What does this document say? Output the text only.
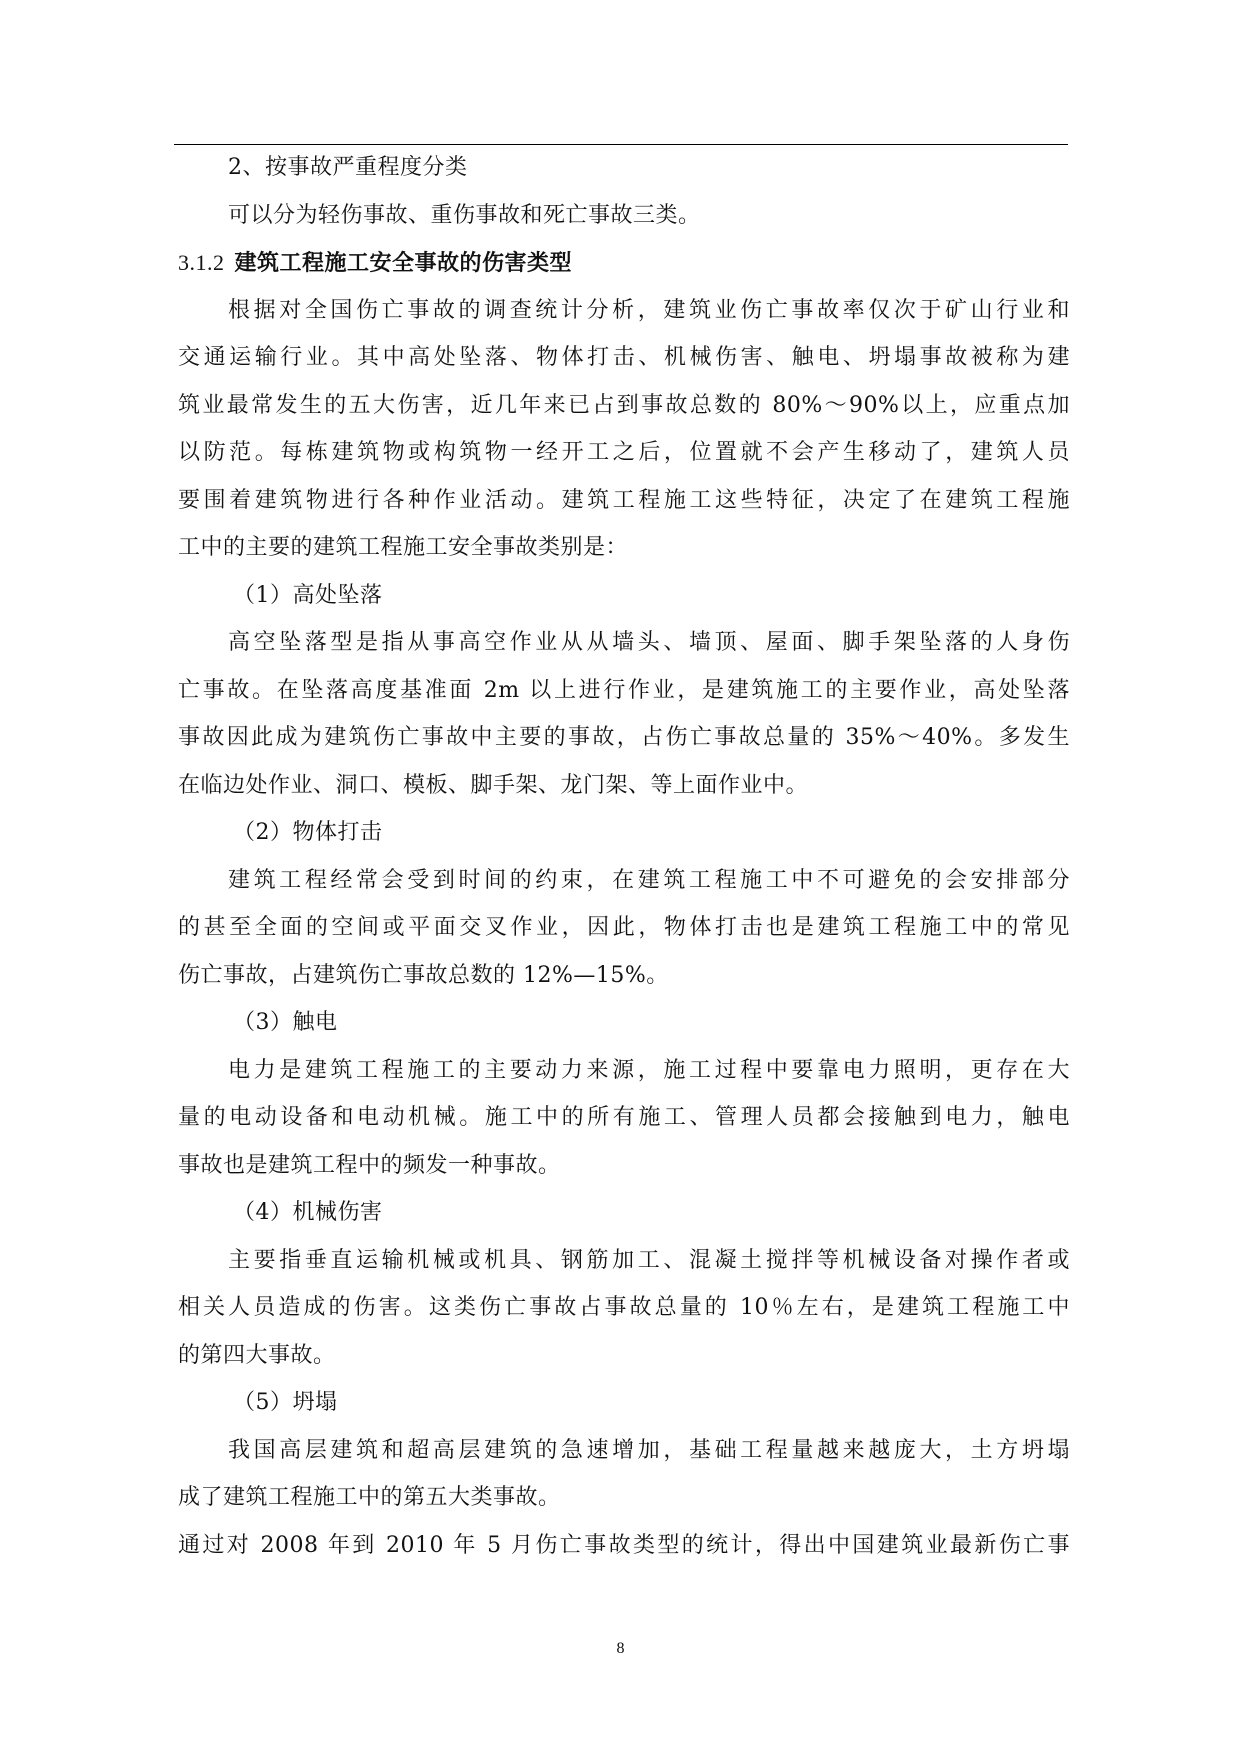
2、按事故严重程度分类
可以分为轻伤事故、重伤事故和死亡事故三类。
3.1.2 建筑工程施工安全事故的伤害类型
根据对全国伤亡事故的调查统计分析，建筑业伤亡事故率仅次于矿山行业和
交通运输行业。其中高处坠落、物体打击、机械伤害、触电、坍塌事故被称为建
筑业最常发生的五大伤害，近几年来已占到事故总数的 80%～90%以上，应重点加
以防范。每栋建筑物或构筑物一经开工之后，位置就不会产生移动了，建筑人员
要围着建筑物进行各种作业活动。建筑工程施工这些特征，决定了在建筑工程施
工中的主要的建筑工程施工安全事故类别是：
（1）高处坠落
高空坠落型是指从事高空作业从从墙头、墙顶、屋面、脚手架坠落的人身伤
亡事故。在坠落高度基准面 2m 以上进行作业，是建筑施工的主要作业，高处坠落
事故因此成为建筑伤亡事故中主要的事故，占伤亡事故总量的 35%～40%。多发生
在临边处作业、洞口、模板、脚手架、龙门架、等上面作业中。
（2）物体打击
建筑工程经常会受到时间的约束，在建筑工程施工中不可避免的会安排部分
的甚至全面的空间或平面交叉作业，因此，物体打击也是建筑工程施工中的常见
伤亡事故，占建筑伤亡事故总数的 12%—15%。
（3）触电
电力是建筑工程施工的主要动力来源，施工过程中要靠电力照明，更存在大
量的电动设备和电动机械。施工中的所有施工、管理人员都会接触到电力，触电
事故也是建筑工程中的频发一种事故。
（4）机械伤害
主要指垂直运输机械或机具、钢筋加工、混凝土搅拌等机械设备对操作者或
相关人员造成的伤害。这类伤亡事故占事故总量的 10％左右，是建筑工程施工中
的第四大事故。
（5）坍塌
我国高层建筑和超高层建筑的急速增加，基础工程量越来越庞大，土方坍塌
成了建筑工程施工中的第五大类事故。
通过对 2008 年到 2010 年 5 月伤亡事故类型的统计，得出中国建筑业最新伤亡事
8
